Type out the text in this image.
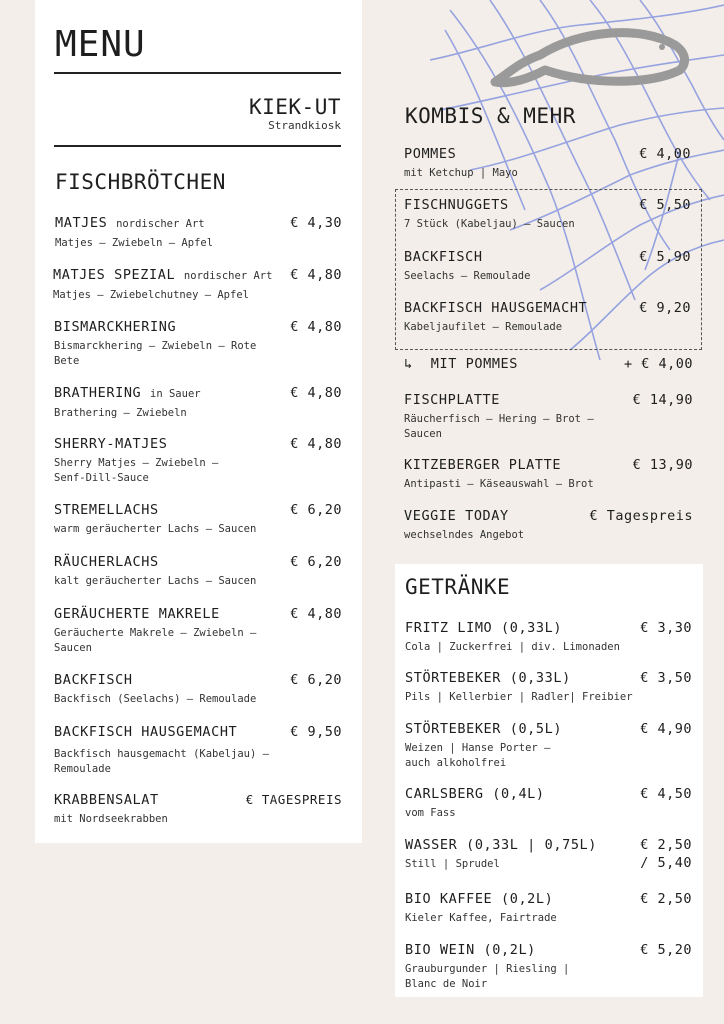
MENU
KIEK-UT
Strandkiosk
FISCHBRÖTCHEN
MATJES nordischer Art
Matjes – Zwiebeln – Apfel
€ 4,30
MATJES SPEZIAL nordischer Art
Matjes – Zwiebelchutney – Apfel
€ 4,80
BISMARCKHERING
Bismarckhering – Zwiebeln – Rote Bete
€ 4,80
BRATHERING in Sauer
Brathering – Zwiebeln
€ 4,80
SHERRY-MATJES
Sherry Matjes – Zwiebeln – Senf-Dill-Sauce
€ 4,80
STREMELLACHS
warm geräucherter Lachs – Saucen
€ 6,20
RÄUCHERLACHS
kalt geräucherter Lachs – Saucen
€ 6,20
GERÄUCHERTE MAKRELE
Geräucherte Makrele – Zwiebeln – Saucen
€ 4,80
BACKFISCH
Backfisch (Seelachs) – Remoulade
€ 6,20
BACKFISCH HAUSGEMACHT
Backfisch hausgemacht (Kabeljau) – Remoulade
€ 9,50
KRABBENSALAT
mit Nordseekrabben
€ TAGESPREIS
KOMBIS & MEHR
POMMES
mit Ketchup | Mayo
€ 4,00
FISCHNUGGETS
7 Stück (Kabeljau) – Saucen
€ 5,50
BACKFISCH
Seelachs – Remoulade
€ 5,90
BACKFISCH HAUSGEMACHT
Kabeljaufilet – Remoulade
€ 9,20
↳ MIT POMMES	+ € 4,00
FISCHPLATTE
Räucherfisch – Hering – Brot – Saucen
€ 14,90
KITZEBERGER PLATTE
Antipasti – Käseauswahl – Brot
€ 13,90
VEGGIE TODAY
wechselndes Angebot
€ Tagespreis
GETRÄNKE
FRITZ LIMO (0,33L)
Cola | Zuckerfrei | div. Limonaden
€ 3,30
STÖRTEBEKER (0,33L)
Pils | Kellerbier | Radler| Freibier
€ 3,50
STÖRTEBEKER (0,5L)
Weizen | Hanse Porter – auch alkoholfrei
€ 4,90
CARLSBERG (0,4L)
vom Fass
€ 4,50
WASSER (0,33L | 0,75L)
Still | Sprudel
€ 2,50
/ 5,40
BIO KAFFEE (0,2L)
Kieler Kaffee, Fairtrade
€ 2,50
BIO WEIN (0,2L)
Grauburgunder | Riesling | Blanc de Noir
€ 5,20
